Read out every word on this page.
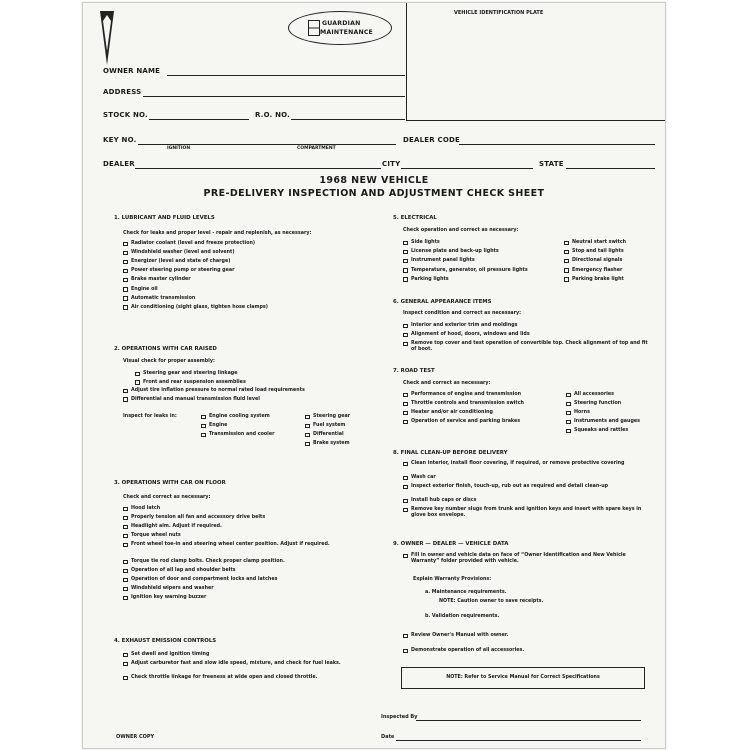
GUARDIAN
MAINTENANCE
VEHICLE IDENTIFICATION PLATE
OWNER NAME
ADDRESS
STOCK NO.	R.O. NO.
KEY NO.
IGNITION	COMPARTMENT
DEALER CODE
DEALER	CITY	STATE
1968 NEW VEHICLE
PRE-DELIVERY INSPECTION AND ADJUSTMENT CHECK SHEET
1. LUBRICANT AND FLUID LEVELS
Check for leaks and proper level - repair and replenish, as necessary:
2. OPERATIONS WITH CAR RAISED
Visual check for proper assembly:
Inspect for leaks in:
3. OPERATIONS WITH CAR ON FLOOR
Check and correct as necessary:
4. EXHAUST EMISSION CONTROLS
5. ELECTRICAL
Check operation and correct as necessary:
6. GENERAL APPEARANCE ITEMS
Inspect condition and correct as necessary:
7. ROAD TEST
Check and correct as necessary:
8. FINAL CLEAN-UP BEFORE DELIVERY
9. OWNER — DEALER — VEHICLE DATA
Fill in owner and vehicle data on face of “Owner Identification and New Vehicle Warranty” folder provided with vehicle.
Explain Warranty Provisions:
a. Maintenance requirements.
NOTE: Caution owner to save receipts.
b. Validation requirements.
Review Owner's Manual with owner.
Demonstrate operation of all accessories.
NOTE: Refer to Service Manual for Correct Specifications
Inspected By
Date
OWNER COPY
Radiator coolant (level and freeze protection)
Windshield washer (level and solvent)
Energizer (level and state of charge)
Power steering pump or steering gear
Brake master cylinder
Engine oil
Automatic transmission
Air conditioning (sight glass, tighten hose clamps)
Steering gear and steering linkage
Front and rear suspension assemblies
Adjust tire inflation pressure to normal rated load requirements
Differential and manual transmission fluid level
Engine cooling system
Engine
Transmission and cooler
Steering gear
Fuel system
Differential
Brake system
Hood latch
Properly tension all fan and accessory drive belts
Headlight aim. Adjust if required.
Torque wheel nuts
Front wheel toe-in and steering wheel center position. Adjust if required.
Torque tie rod clamp bolts. Check proper clamp position.
Operation of all lap and shoulder belts
Operation of door and compartment locks and latches
Windshield wipers and washer
Ignition key warning buzzer
Set dwell and ignition timing
Adjust carburetor fast and slow idle speed, mixture, and check for fuel leaks.
Check throttle linkage for freeness at wide open and closed throttle.
Side lights
License plate and back-up lights
Instrument panel lights
Temperature, generator, oil pressure lights
Parking lights
Neutral start switch
Stop and tail lights
Directional signals
Emergency flasher
Parking brake light
Interior and exterior trim and moldings
Alignment of hood, doors, windows and lids
Remove top cover and test operation of convertible top. Check alignment of top and fit of boot.
Performance of engine and transmission
Throttle controls and transmission switch
Heater and/or air conditioning
Operation of service and parking brakes
All accessories
Steering function
Horns
Instruments and gauges
Squeaks and rattles
Clean interior, install floor covering, if required, or remove protective covering
Wash car
Inspect exterior finish, touch-up, rub out as required and detail clean-up
Install hub caps or discs
Remove key number slugs from trunk and ignition keys and insert with spare keys in glove box envelope.
